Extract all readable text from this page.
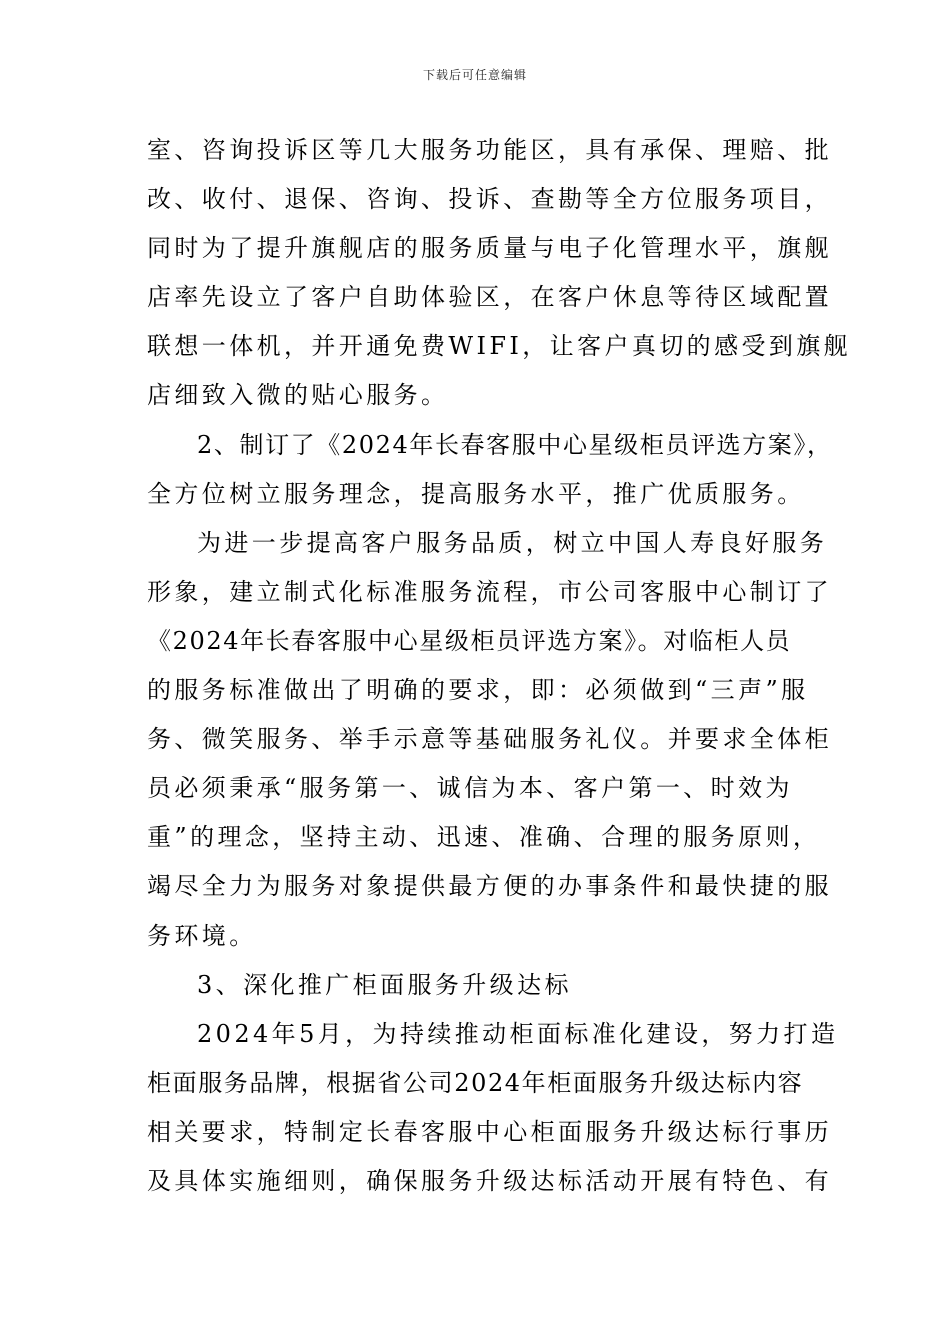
下载后可任意编辑
室、咨询投诉区等几大服务功能区，具有承保、理赔、批
改、收付、退保、咨询、投诉、查勘等全方位服务项目，
同时为了提升旗舰店的服务质量与电子化管理水平，旗舰
店率先设立了客户自助体验区，在客户休息等待区域配置
联想一体机，并开通免费WIFI，让客户真切的感受到旗舰
店细致入微的贴心服务。
2、制订了《2024年长春客服中心星级柜员评选方案》，
全方位树立服务理念，提高服务水平，推广优质服务。
为进一步提高客户服务品质，树立中国人寿良好服务
形象，建立制式化标准服务流程，市公司客服中心制订了
《2024年长春客服中心星级柜员评选方案》。对临柜人员
的服务标准做出了明确的要求，即：必须做到“三声”服
务、微笑服务、举手示意等基础服务礼仪。并要求全体柜
员必须秉承“服务第一、诚信为本、客户第一、时效为
重”的理念，坚持主动、迅速、准确、合理的服务原则，
竭尽全力为服务对象提供最方便的办事条件和最快捷的服
务环境。
3、深化推广柜面服务升级达标
2024年5月，为持续推动柜面标准化建设，努力打造
柜面服务品牌，根据省公司2024年柜面服务升级达标内容
相关要求，特制定长春客服中心柜面服务升级达标行事历
及具体实施细则，确保服务升级达标活动开展有特色、有
